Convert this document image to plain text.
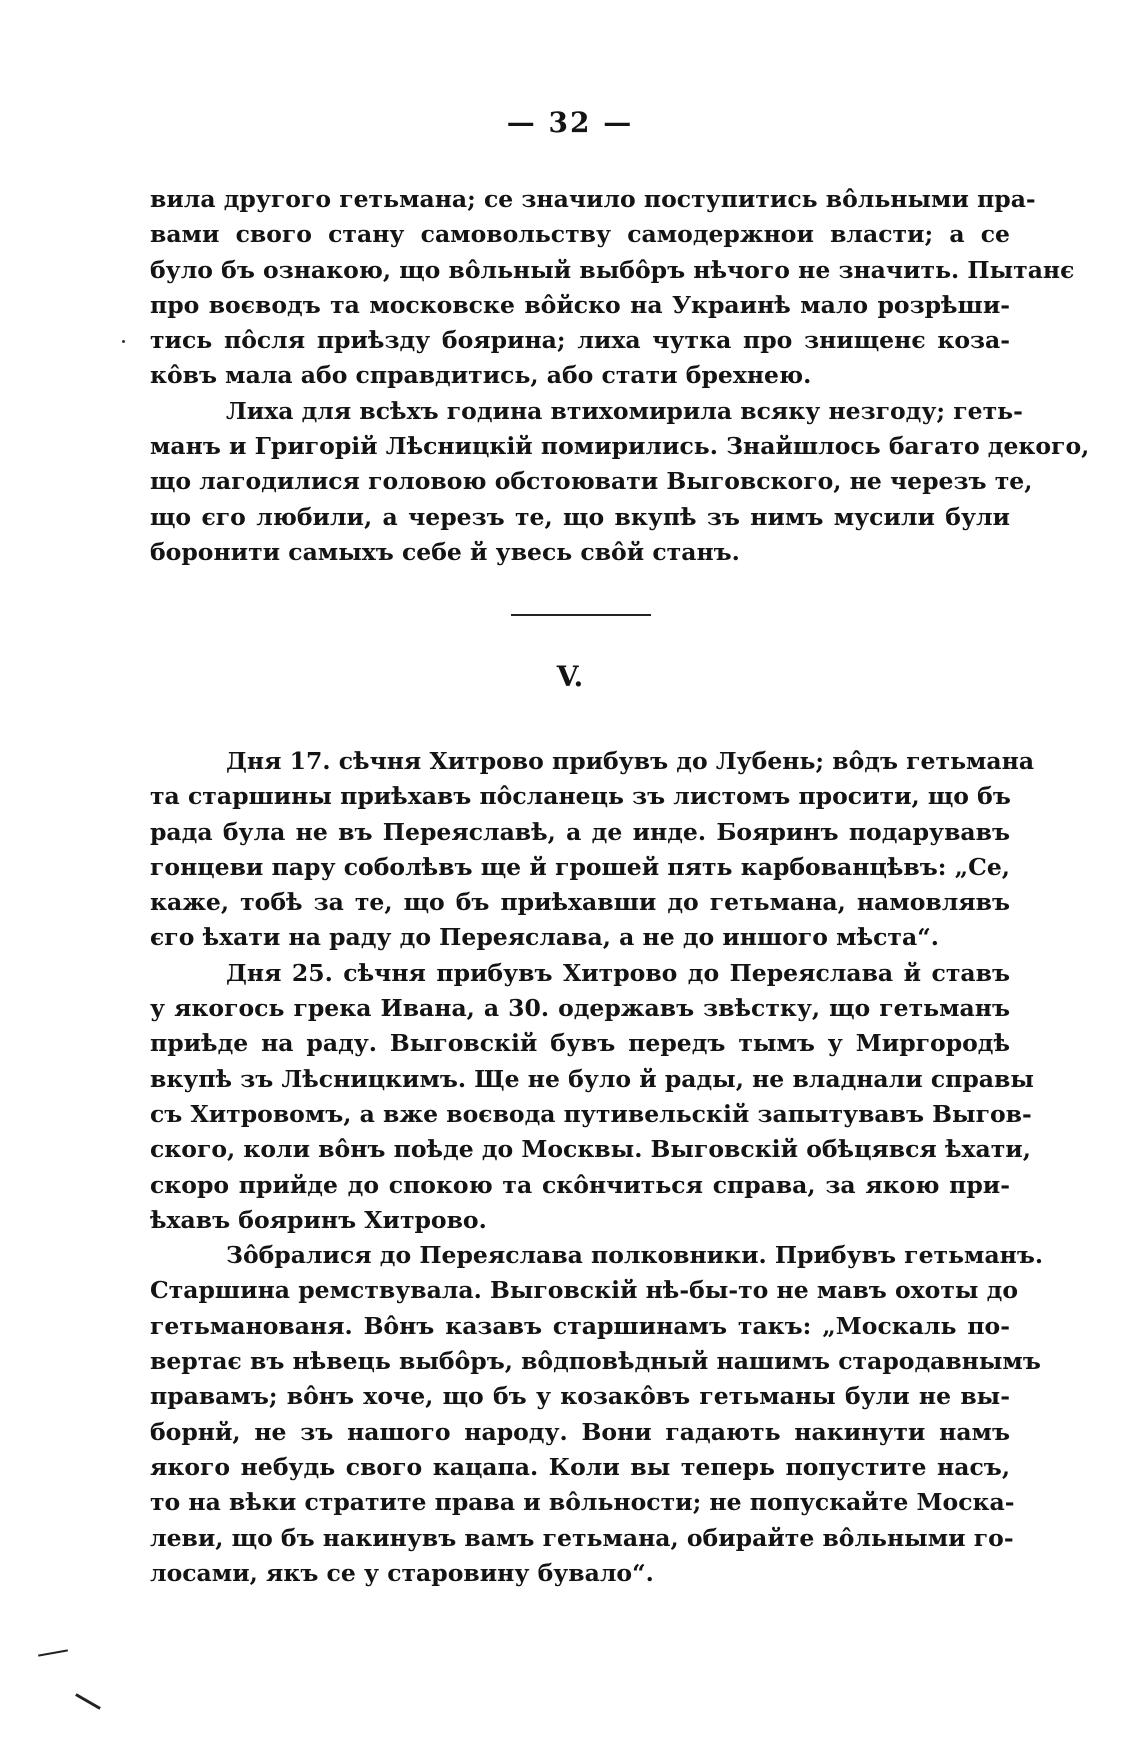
— 32 —
вила другого гетьмана; се значило поступитись вôльными пра-
вами свого стану самовольству самодержнои власти; а се
було бъ ознакою, що вôльный выбôръ нѣчого не значить. Пытанє
про воєводъ та московске вôйско на Украинѣ мало розрѣши-
тись пôсля приѣзду боярина; лиха чутка про знищенє коза-
кôвъ мала або справдитись, або стати брехнею.
Лиха для всѣхъ година втихомирила всяку незгоду; геть-
манъ и Григорій Лѣсницкій помирились. Знайшлось багато декого,
що лагодилися головою обстоювати Выговского, не черезъ те,
що єго любили, а черезъ те, що вкупѣ зъ нимъ мусили були
боронити самыхъ себе й увесь свôй станъ.
V.
Дня 17. сѣчня Хитрово прибувъ до Лубень; вôдъ гетьмана
та старшины приѣхавъ пôсланець зъ листомъ просити, що бъ
рада була не въ Переяславѣ, а де инде. Бояринъ подарувавъ
гонцеви пару соболѣвъ ще й грошей пять карбованцѣвъ: „Се,
каже, тобѣ за те, що бъ приѣхавши до гетьмана, намовлявъ
єго ѣхати на раду до Переяслава, а не до иншого мѣста“.
Дня 25. сѣчня прибувъ Хитрово до Переяслава й ставъ
у якогось грека Ивана, а 30. одержавъ звѣстку, що гетьманъ
приѣде на раду. Выговскій бувъ передъ тымъ у Миргородѣ
вкупѣ зъ Лѣсницкимъ. Ще не було й рады, не владнали справы
съ Хитровомъ, а вже воєвода путивельскій запытувавъ Выгов-
ского, коли вôнъ поѣде до Москвы. Выговскій обѣцявся ѣхати,
скоро прийде до спокою та скôнчиться справа, за якою при-
ѣхавъ бояринъ Хитрово.
Зôбралися до Переяслава полковники. Прибувъ гетьманъ.
Старшина ремствувала. Выговскій нѣ-бы-то не мавъ охоты до
гетьманованя. Вôнъ казавъ старшинамъ такъ: „Москаль по-
вертає въ нѣвець выбôръ, вôдповѣдный нашимъ стародавнымъ
правамъ; вôнъ хоче, що бъ у козакôвъ гетьманы були не вы-
борнй, не зъ нашого народу. Вони гадають накинути намъ
якого небудь свого кацапа. Коли вы теперь попустите насъ,
то на вѣки стратите права и вôльности; не попускайте Моска-
леви, що бъ накинувъ вамъ гетьмана, обирайте вôльными го-
лосами, якъ се у старовину бувало“.
